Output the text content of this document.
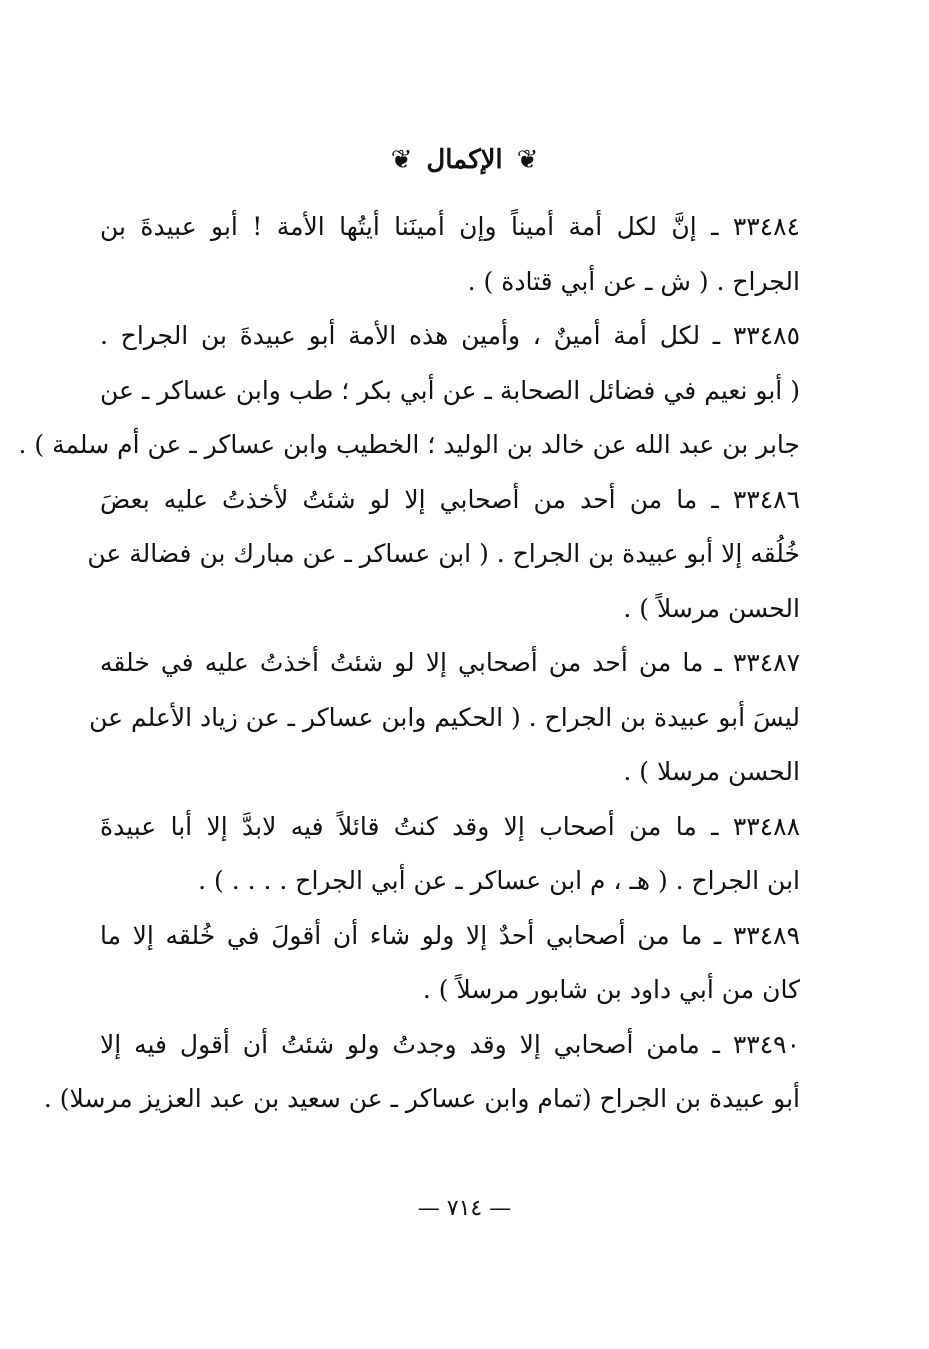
❦
الإكمال
❦
٣٣٤٨٤ ـ إنَّ لكل أمة أميناً وإن أمينَنا أيتُها الأمة ! أبو عبيدةَ بن
الجراح . ( ش ـ عن أبي قتادة ) .
٣٣٤٨٥ ـ لكل أمة أمينٌ ، وأمين هذه الأمة أبو عبيدةَ بن الجراح .
( أبو نعيم في فضائل الصحابة ـ عن أبي بكر ؛ طب وابن عساكر ـ عن
جابر بن عبد الله عن خالد بن الوليد ؛ الخطيب وابن عساكر ـ عن أم سلمة ) .
٣٣٤٨٦ ـ ما من أحد من أصحابي إلا لو شئتُ لأخذتُ عليه بعضَ
خُلُقه إلا أبو عبيدة بن الجراح . ( ابن عساكر ـ عن مبارك بن فضالة عن
الحسن مرسلاً ) .
٣٣٤٨٧ ـ ما من أحد من أصحابي إلا لو شئتُ أخذتُ عليه في خلقه
ليسَ أبو عبيدة بن الجراح . ( الحكيم وابن عساكر ـ عن زياد الأعلم عن
الحسن مرسلا ) .
٣٣٤٨٨ ـ ما من أصحاب إلا وقد كنتُ قائلاً فيه لابدَّ إلا أبا عبيدةَ
ابن الجراح . ( هـ ، م ابن عساكر ـ عن أبي الجراح . . . . ) .
٣٣٤٨٩ ـ ما من أصحابي أحدٌ إلا ولو شاء أن أقولَ في خُلقه إلا ما
كان من أبي داود بن شابور مرسلاً ) .
٣٣٤٩٠ ـ مامن أصحابي إلا وقد وجدتُ ولو شئتُ أن أقول فيه إلا
أبو عبيدة بن الجراح (تمام وابن عساكر ـ عن سعيد بن عبد العزيز مرسلا) .
— ٧١٤ —
